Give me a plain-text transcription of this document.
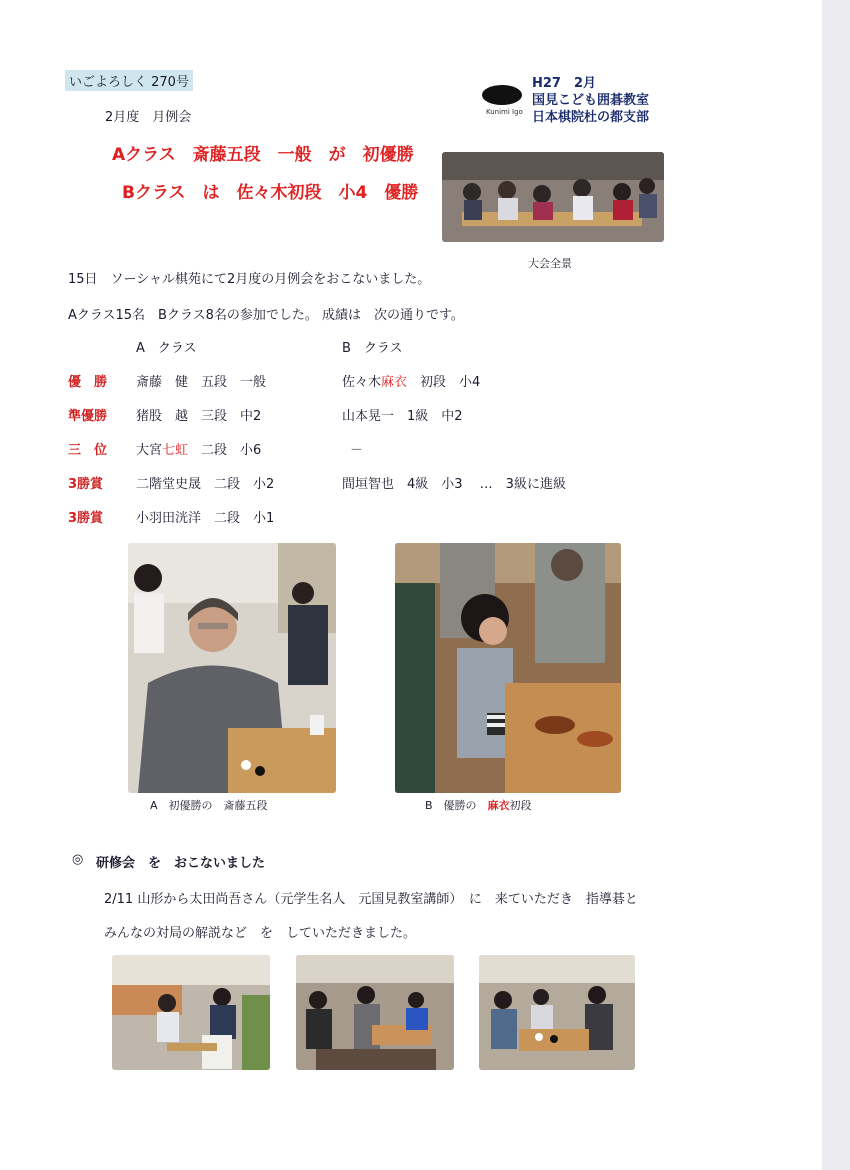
いごよろしく 270号
2月度　月例会
Aクラス　斎藤五段　一般　が　初優勝
Bクラス　は　佐々木初段　小4　優勝
Kunimi Igo
H27　2月
国見こども囲碁教室
日本棋院杜の都支部
大会全景
15日　ソーシャル棋苑にて2月度の月例会をおこないました。
Aクラス15名　Bクラス8名の参加でした。 成績は　次の通りです。
A　クラス	B　クラス
優　勝 斎藤　健　五段　一般	佐々木麻衣　初段　小4
準優勝 猪股　越　三段　中2	山本晃一　1級　中2
三　位 大宮七虹　二段　小6	－
3勝賞	二階堂史晟　二段　小2	間垣智也　4級　小3　 …　3級に進級
3勝賞	小羽田洸洋　二段　小1
A　初優勝の　斎藤五段	B　優勝の　麻衣初段
◎ 研修会　を　おこないました
2/11 山形から太田尚吾さん（元学生名人　元国見教室講師）　に　来ていただき　指導碁と
みんなの対局の解説など　を　していただきました。
